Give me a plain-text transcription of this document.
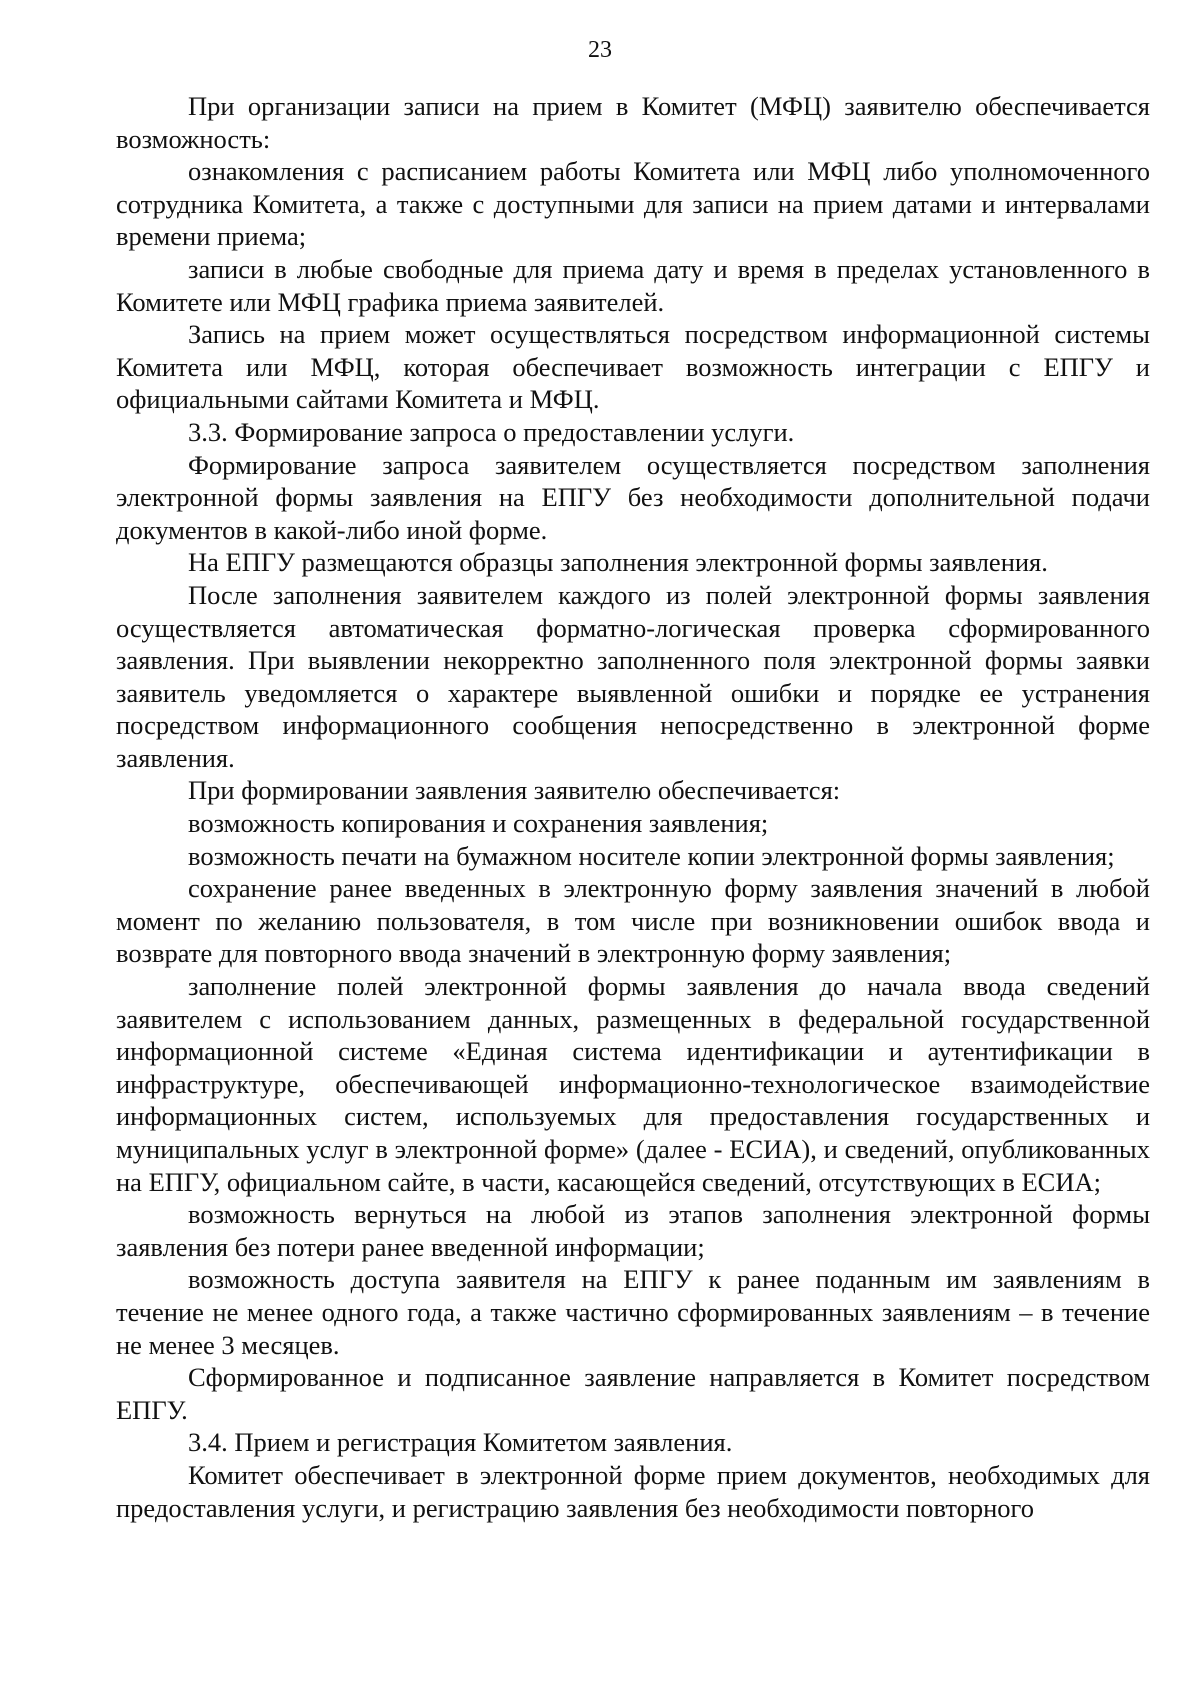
23

При организации записи на прием в Комитет (МФЦ) заявителю обеспечивается возможность:

ознакомления с расписанием работы Комитета или МФЦ либо уполномоченного сотрудника Комитета, а также с доступными для записи на прием датами и интервалами времени приема;

записи в любые свободные для приема дату и время в пределах установленного в Комитете или МФЦ графика приема заявителей.

Запись на прием может осуществляться посредством информационной системы Комитета или МФЦ, которая обеспечивает возможность интеграции с ЕПГУ и официальными сайтами Комитета и МФЦ.

3.3. Формирование запроса о предоставлении услуги.

Формирование запроса заявителем осуществляется посредством заполнения электронной формы заявления на ЕПГУ без необходимости дополнительной подачи документов в какой-либо иной форме.

На ЕПГУ размещаются образцы заполнения электронной формы заявления.

После заполнения заявителем каждого из полей электронной формы заявления осуществляется автоматическая форматно-логическая проверка сформированного заявления. При выявлении некорректно заполненного поля электронной формы заявки заявитель уведомляется о характере выявленной ошибки и порядке ее устранения посредством информационного сообщения непосредственно в электронной форме заявления.

При формировании заявления заявителю обеспечивается:

возможность копирования и сохранения заявления;

возможность печати на бумажном носителе копии электронной формы заявления;

сохранение ранее введенных в электронную форму заявления значений в любой момент по желанию пользователя, в том числе при возникновении ошибок ввода и возврате для повторного ввода значений в электронную форму заявления;

заполнение полей электронной формы заявления до начала ввода сведений заявителем с использованием данных, размещенных в федеральной государственной информационной системе «Единая система идентификации и аутентификации в инфраструктуре, обеспечивающей информационно-технологическое взаимодействие информационных систем, используемых для предоставления государственных и муниципальных услуг в электронной форме» (далее - ЕСИА), и сведений, опубликованных на ЕПГУ, официальном сайте, в части, касающейся сведений, отсутствующих в ЕСИА;

возможность вернуться на любой из этапов заполнения электронной формы заявления без потери ранее введенной информации;

возможность доступа заявителя на ЕПГУ к ранее поданным им заявлениям в течение не менее одного года, а также частично сформированных заявлениям – в течение не менее 3 месяцев.

Сформированное и подписанное заявление направляется в Комитет посредством ЕПГУ.

3.4. Прием и регистрация Комитетом заявления.

Комитет обеспечивает в электронной форме прием документов, необходимых для предоставления услуги, и регистрацию заявления без необходимости повторного
